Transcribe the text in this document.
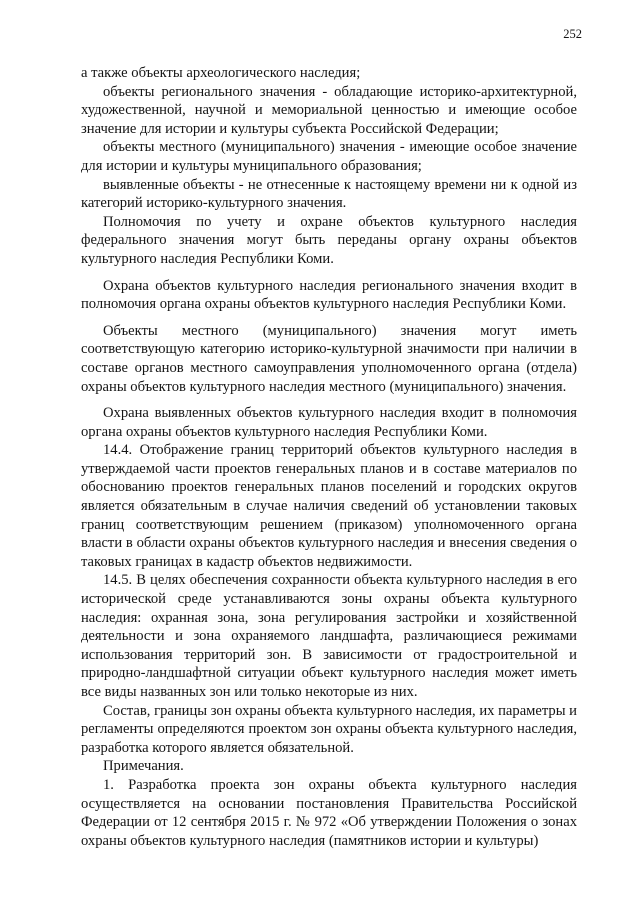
252

а также объекты археологического наследия;

объекты регионального значения - обладающие историко-архитектурной, художественной, научной и мемориальной ценностью и имеющие особое значение для истории и культуры субъекта Российской Федерации;

объекты местного (муниципального) значения - имеющие особое значение для истории и культуры муниципального образования;

выявленные объекты - не отнесенные к настоящему времени ни к одной из категорий историко-культурного значения.

Полномочия по учету и охране объектов культурного наследия федерального значения могут быть переданы органу охраны объектов культурного наследия Республики Коми.

Охрана объектов культурного наследия регионального значения входит в полномочия органа охраны объектов культурного наследия Республики Коми.

Объекты местного (муниципального) значения могут иметь соответствующую категорию историко-культурной значимости при наличии в составе органов местного самоуправления уполномоченного органа (отдела) охраны объектов культурного наследия местного (муниципального) значения.

Охрана выявленных объектов культурного наследия входит в полномочия органа охраны объектов культурного наследия Республики Коми.

14.4. Отображение границ территорий объектов культурного наследия в утверждаемой части проектов генеральных планов и в составе материалов по обоснованию проектов генеральных планов поселений и городских округов является обязательным в случае наличия сведений об установлении таковых границ соответствующим решением (приказом) уполномоченного органа власти в области охраны объектов культурного наследия и внесения сведения о таковых границах в кадастр объектов недвижимости.

14.5. В целях обеспечения сохранности объекта культурного наследия в его исторической среде устанавливаются зоны охраны объекта культурного наследия: охранная зона, зона регулирования застройки и хозяйственной деятельности и зона охраняемого ландшафта, различающиеся режимами использования территорий зон. В зависимости от градостроительной и природно-ландшафтной ситуации объект культурного наследия может иметь все виды названных зон или только некоторые из них.

Состав, границы зон охраны объекта культурного наследия, их параметры и регламенты определяются проектом зон охраны объекта культурного наследия, разработка которого является обязательной.

Примечания.

1. Разработка проекта зон охраны объекта культурного наследия осуществляется на основании постановления Правительства Российской Федерации от 12 сентября 2015 г. № 972 «Об утверждении Положения о зонах охраны объектов культурного наследия (памятников истории и культуры)
